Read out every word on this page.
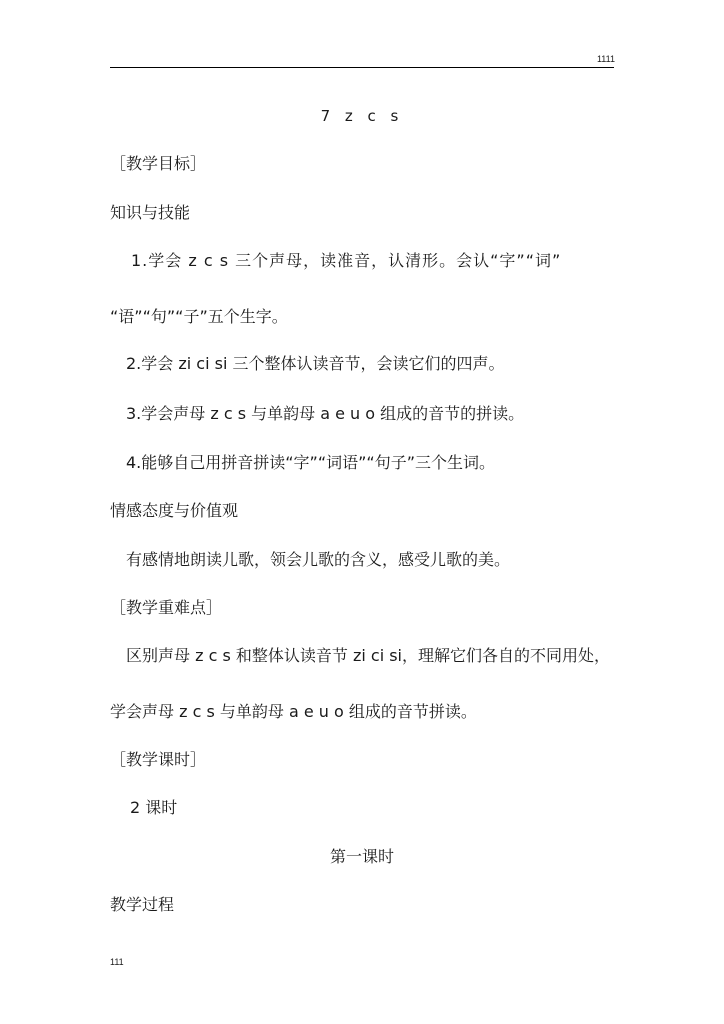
1111
7 z c s
［教学目标］
知识与技能
1.学会 z c s 三个声母，读准音，认清形。会认“字”“词”
“语”“句”“子”五个生字。
2.学会 zi ci si 三个整体认读音节，会读它们的四声。
3.学会声母 z c s 与单韵母 a e u o 组成的音节的拼读。
4.能够自己用拼音拼读“字”“词语”“句子”三个生词。
情感态度与价值观
有感情地朗读儿歌，领会儿歌的含义，感受儿歌的美。
［教学重难点］
区别声母 z c s 和整体认读音节 zi ci si，理解它们各自的不同用处，
学会声母 z c s 与单韵母 a e u o 组成的音节拼读。
［教学课时］
2 课时
第一课时
教学过程
111
